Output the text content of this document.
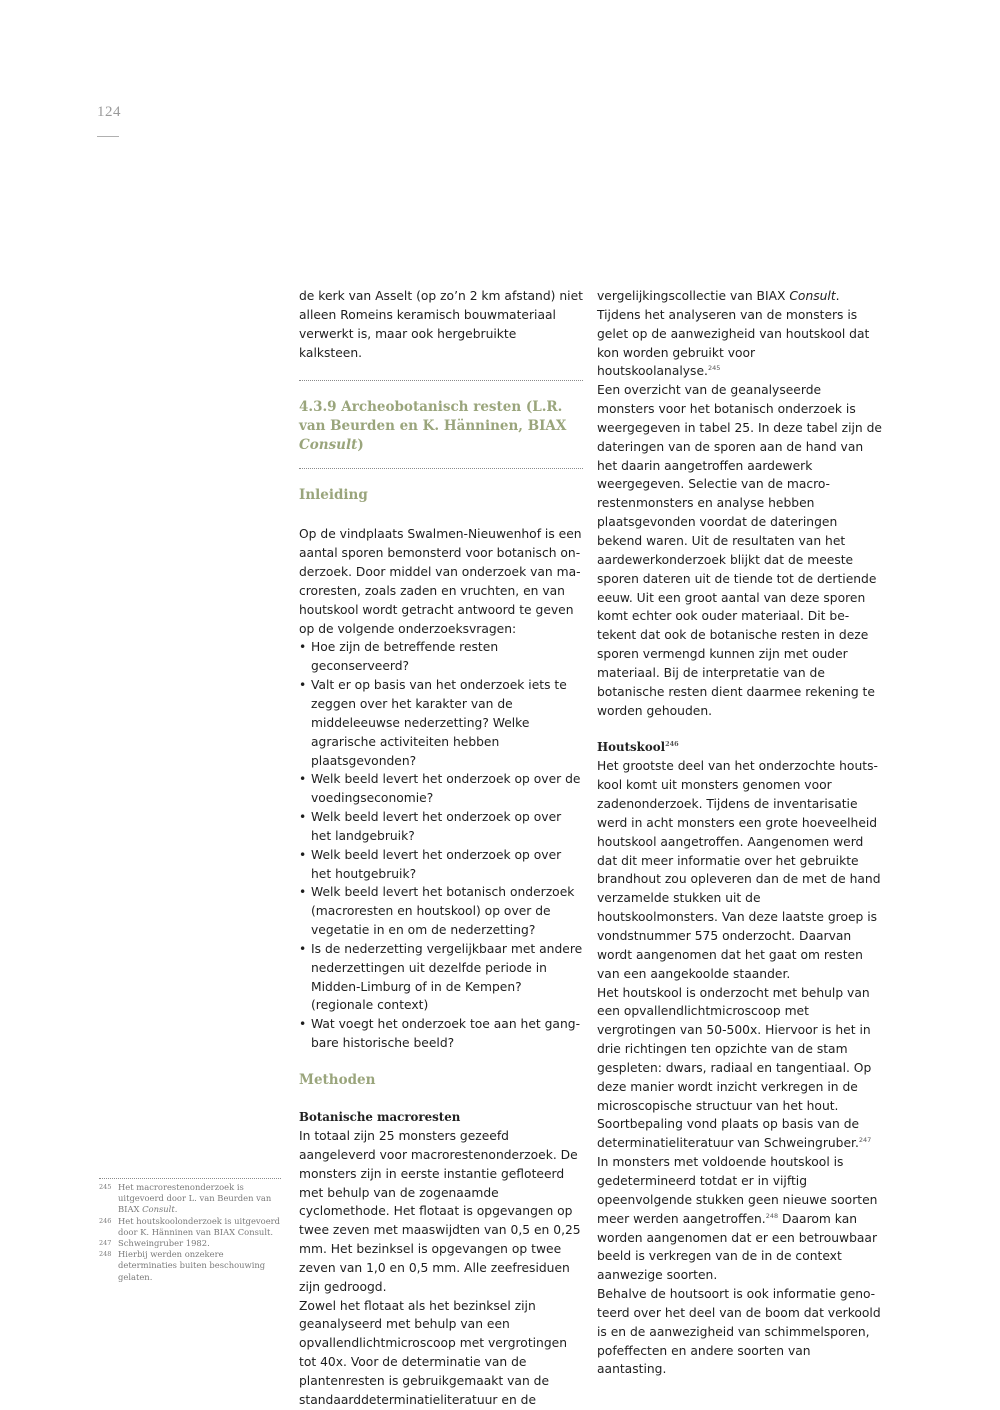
124

de kerk van Asselt (op zo’n 2 km afstand) niet alleen Romeins keramisch bouwmateriaal verwerkt is, maar ook hergebruikte kalksteen.

4.3.9 Archeobotanisch resten (L.R. van Beurden en K. Hänninen, BIAX Consult)
Inleiding

Op de vindplaats Swalmen-Nieuwenhof is een aantal sporen bemonsterd voor botanisch onderzoek. Door middel van onderzoek van macroresten, zoals zaden en vruchten, en van houtskool wordt getracht antwoord te geven op de volgende onderzoeksvragen:

• Hoe zijn de betreffende resten geconserveerd?
• Valt er op basis van het onderzoek iets te zeggen over het karakter van de middeleeuwse nederzetting? Welke agrarische activiteiten hebben plaatsgevonden?
• Welk beeld levert het onderzoek op over de voedingseconomie?
• Welk beeld levert het onderzoek op over het landgebruik?
• Welk beeld levert het onderzoek op over het houtgebruik?
• Welk beeld levert het botanisch onderzoek (macroresten en houtskool) op over de vegetatie in en om de nederzetting?
• Is de nederzetting vergelijkbaar met andere nederzettingen uit dezelfde periode in Midden-Limburg of in de Kempen? (regionale context)
• Wat voegt het onderzoek toe aan het gangbare historische beeld?
Methoden
Botanische macroresten

In totaal zijn 25 monsters gezeefd aangeleverd voor macrorestenonderzoek. De monsters zijn in eerste instantie gefloteerd met behulp van de zogenaamde cyclomethode. Het flotaat is opgevangen op twee zeven met maaswijdten van 0,5 en 0,25 mm. Het bezinksel is opgevangen op twee zeven van 1,0 en 0,5 mm. Alle zeefresiduen zijn gedroogd.

Zowel het flotaat als het bezinksel zijn geanalyseerd met behulp van een opvallendlichtmicroscoop met vergrotingen tot 40x. Voor de determinatie van de plantenresten is gebruikgemaakt van de standaarddeterminatieliteratuur en de

vergelijkingscollectie van BIAX Consult. Tijdens het analyseren van de monsters is gelet op de aanwezigheid van houtskool dat kon worden gebruikt voor houtskoolanalyse.$^{245}$

Een overzicht van de geanalyseerde monsters voor het botanisch onderzoek is weergegeven in tabel 25. In deze tabel zijn de dateringen van de sporen aan de hand van het daarin aangetroffen aardewerk weergegeven. Selectie van de macrorestenmonsters en analyse hebben plaatsgevonden voordat de dateringen bekend waren. Uit de resultaten van het aardewerkonderzoek blijkt dat de meeste sporen dateren uit de tiende tot de dertiende eeuw. Uit een groot aantal van deze sporen komt echter ook ouder materiaal. Dit betekent dat ook de botanische resten in deze sporen vermengd kunnen zijn met ouder materiaal. Bij de interpretatie van de botanische resten dient daarmee rekening te worden gehouden.

Houtskool$^{246}$

Het grootste deel van het onderzochte houtskool komt uit monsters genomen voor zadenonderzoek. Tijdens de inventarisatie werd in acht monsters een grote hoeveelheid houtskool aangetroffen. Aangenomen werd dat dit meer informatie over het gebruikte brandhout zou opleveren dan de met de hand verzamelde stukken uit de houtskoolmonsters. Van deze laatste groep is vondstnummer 575 onderzocht. Daarvan wordt aangenomen dat het gaat om resten van een aangekoolde staander.

Het houtskool is onderzocht met behulp van een opvallendlichtmicroscoop met vergrotingen van 50-500x. Hiervoor is het in drie richtingen ten opzichte van de stam gespleten: dwars, radiaal en tangentiaal. Op deze manier wordt inzicht verkregen in de microscopische structuur van het hout. Soortbepaling vond plaats op basis van de determinatieliteratuur van Schweingruber.$^{247}$

In monsters met voldoende houtskool is gedetermineerd totdat er in vijftig opeenvolgende stukken geen nieuwe soorten meer werden aangetroffen.$^{248}$ Daarom kan worden aangenomen dat er een betrouwbaar beeld is verkregen van de in de context aanwezige soorten.

Behalve de houtsoort is ook informatie genoteerd over het deel van de boom dat verkoold is en de aanwezigheid van schimmelsporen, pofeffecten en andere soorten van aantasting.

245 Het macrorestenonderzoek is uitgevoerd door L. van Beurden van BIAX Consult.
246 Het houtskoolonderzoek is uitgevoerd door K. Hänninen van BIAX Consult.
247 Schweingruber 1982.
248 Hierbij werden onzekere determinaties buiten beschouwing gelaten.
